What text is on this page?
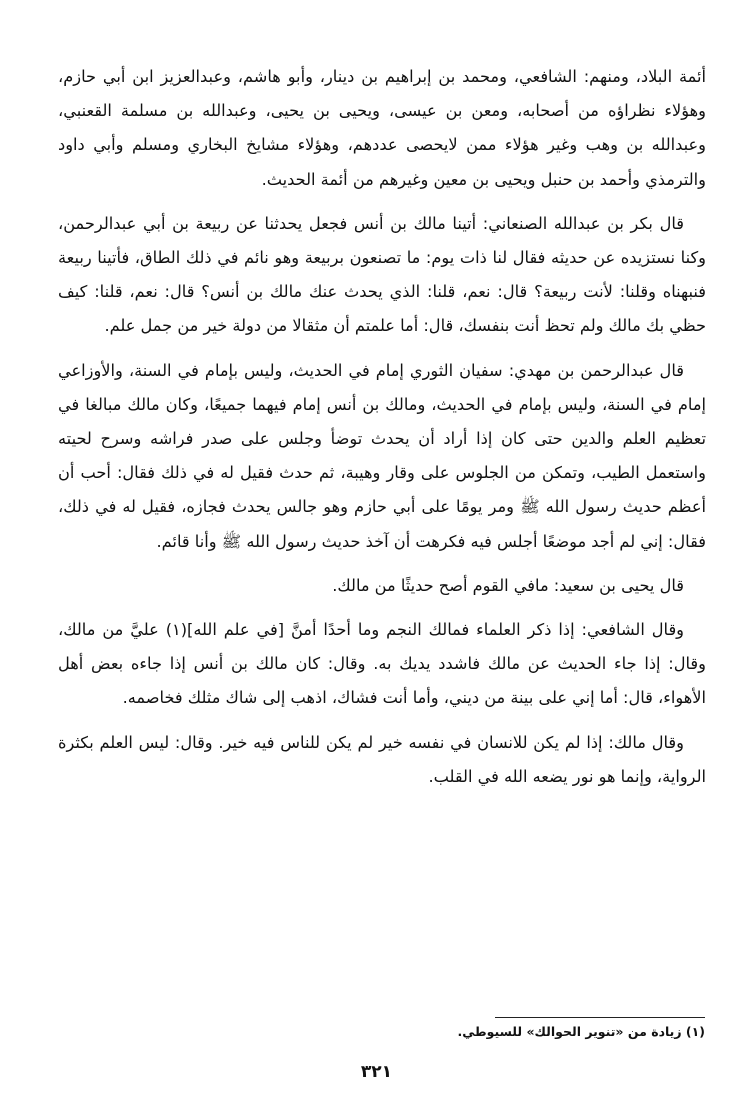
أئمة البلاد، ومنهم: الشافعي، ومحمد بن إبراهيم بن دينار، وأبو هاشم، وعبدالعزيز ابن أبي حازم، وهؤلاء نظراؤه من أصحابه، ومعن بن عيسى، ويحيى بن يحيى، وعبدالله بن مسلمة القعنبي، وعبدالله بن وهب وغير هؤلاء ممن لايحصى عددهم، وهؤلاء مشايخ البخاري ومسلم وأبي داود والترمذي وأحمد بن حنبل ويحيى بن معين وغيرهم من أئمة الحديث.

قال بكر بن عبدالله الصنعاني: أتينا مالك بن أنس فجعل يحدثنا عن ربيعة بن أبي عبدالرحمن، وكنا نستزيده عن حديثه فقال لنا ذات يوم: ما تصنعون بربيعة وهو نائم في ذلك الطاق، فأتينا ربيعة فنبهناه وقلنا: لأنت ربيعة؟ قال: نعم، قلنا: الذي يحدث عنك مالك بن أنس؟ قال: نعم، قلنا: كيف حظي بك مالك ولم تحظ أنت بنفسك، قال: أما علمتم أن مثقالا من دولة خير من جمل علم.

قال عبدالرحمن بن مهدي: سفيان الثوري إمام في الحديث، وليس بإمام في السنة، والأوزاعي إمام في السنة، وليس بإمام في الحديث، ومالك بن أنس إمام فيهما جميعًا، وكان مالك مبالغا في تعظيم العلم والدين حتى كان إذا أراد أن يحدث توضأ وجلس على صدر فراشه وسرح لحيته واستعمل الطيب، وتمكن من الجلوس على وقار وهيبة، ثم حدث فقيل له في ذلك فقال: أحب أن أعظم حديث رسول الله ﷺ ومر يومًا على أبي حازم وهو جالس يحدث فجازه، فقيل له في ذلك، فقال: إني لم أجد موضعًا أجلس فيه فكرهت أن آخذ حديث رسول الله ﷺ وأنا قائم.

قال يحيى بن سعيد: مافي القوم أصح حديثًا من مالك.

وقال الشافعي: إذا ذكر العلماء فمالك النجم وما أحدًا أمنَّ [في علم الله](١) عليَّ من مالك، وقال: إذا جاء الحديث عن مالك فاشدد يديك به. وقال: كان مالك بن أنس إذا جاءه بعض أهل الأهواء، قال: أما إني على بينة من ديني، وأما أنت فشاك، اذهب إلى شاك مثلك فخاصمه.

وقال مالك: إذا لم يكن للانسان في نفسه خير لم يكن للناس فيه خير. وقال: ليس العلم بكثرة الرواية، وإنما هو نور يضعه الله في القلب.

(١) زيادة من «تنوير الحوالك» للسيوطي.
٣٢١
